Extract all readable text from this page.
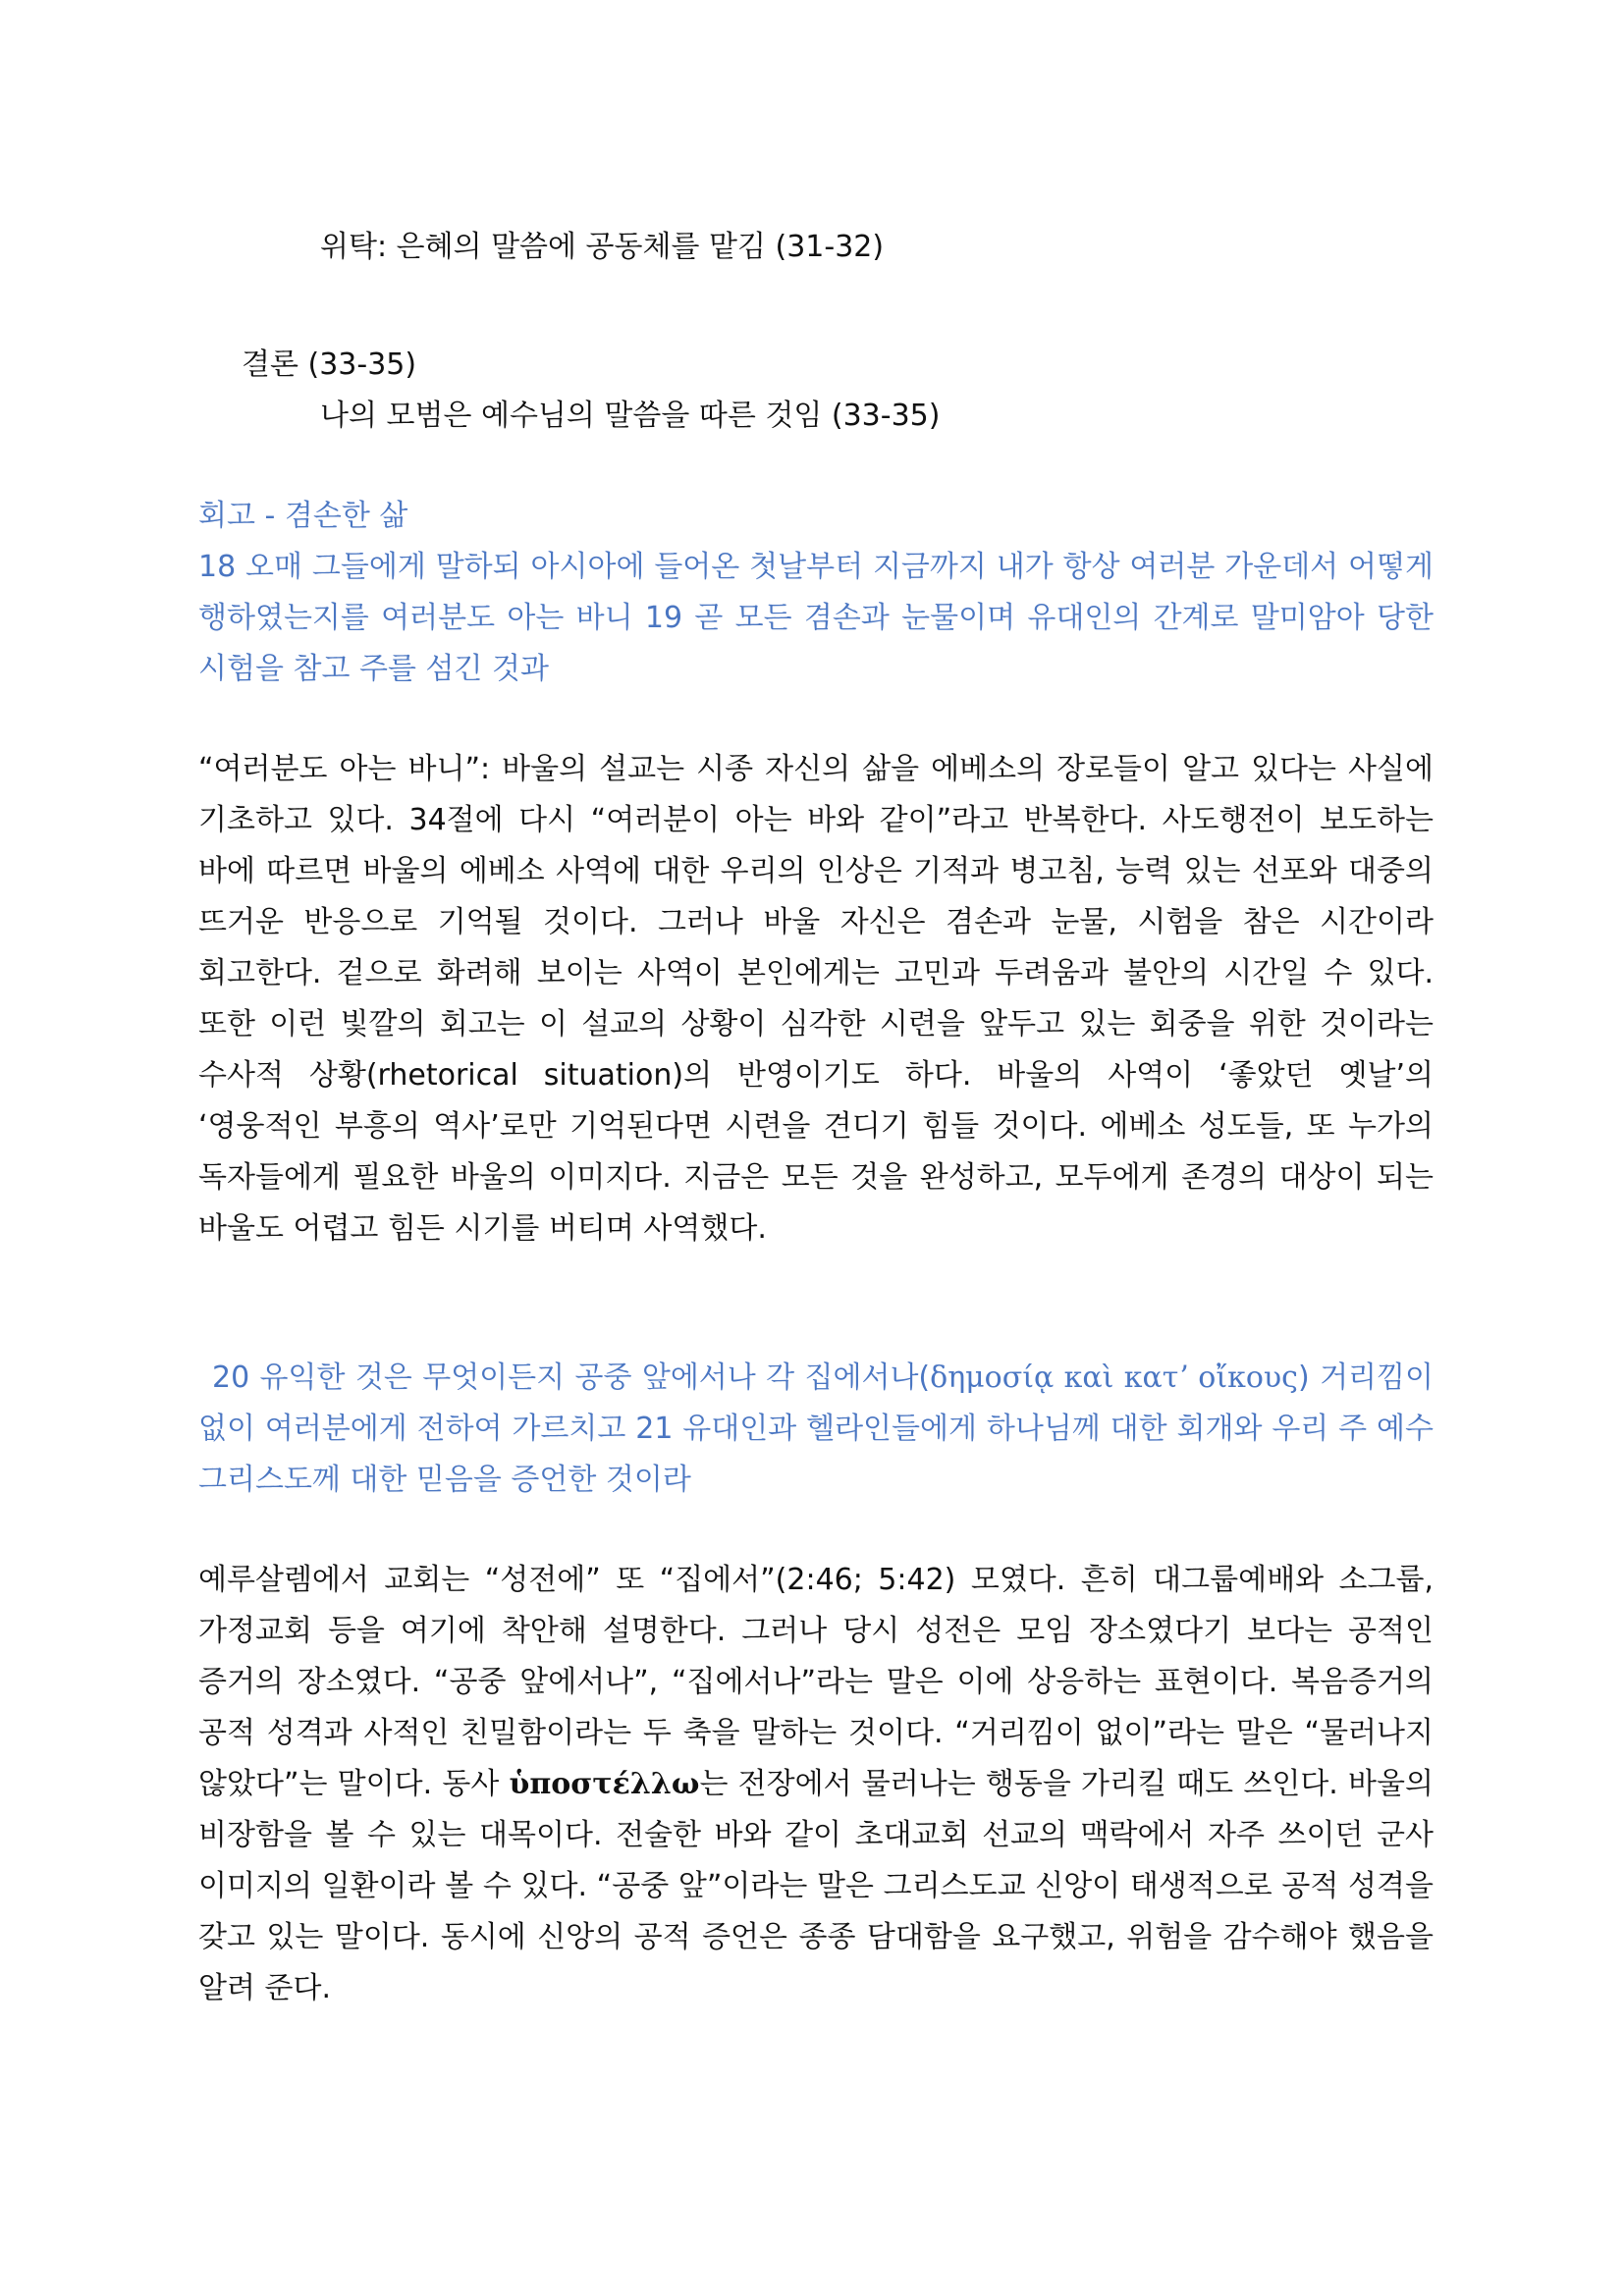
위탁: 은혜의 말씀에 공동체를 맡김 (31-32)

결론 (33-35)

나의 모범은 예수님의 말씀을 따른 것임 (33-35)

회고 - 겸손한 삶

18 오매 그들에게 말하되 아시아에 들어온 첫날부터 지금까지 내가 항상 여러분 가운데서 어떻게 행하였는지를 여러분도 아는 바니 19 곧 모든 겸손과 눈물이며 유대인의 간계로 말미암아 당한 시험을 참고 주를 섬긴 것과

“여러분도 아는 바니”: 바울의 설교는 시종 자신의 삶을 에베소의 장로들이 알고 있다는 사실에 기초하고 있다. 34절에 다시 “여러분이 아는 바와 같이”라고 반복한다. 사도행전이 보도하는 바에 따르면 바울의 에베소 사역에 대한 우리의 인상은 기적과 병고침, 능력 있는 선포와 대중의 뜨거운 반응으로 기억될 것이다. 그러나 바울 자신은 겸손과 눈물, 시험을 참은 시간이라 회고한다. 겉으로 화려해 보이는 사역이 본인에게는 고민과 두려움과 불안의 시간일 수 있다. 또한 이런 빛깔의 회고는 이 설교의 상황이 심각한 시련을 앞두고 있는 회중을 위한 것이라는 수사적 상황(rhetorical situation)의 반영이기도 하다. 바울의 사역이 ‘좋았던 옛날’의 ‘영웅적인 부흥의 역사’로만 기억된다면 시련을 견디기 힘들 것이다. 에베소 성도들, 또 누가의 독자들에게 필요한 바울의 이미지다. 지금은 모든 것을 완성하고, 모두에게 존경의 대상이 되는 바울도 어렵고 힘든 시기를 버티며 사역했다.

20 유익한 것은 무엇이든지 공중 앞에서나 각 집에서나(δημοσίᾳ καὶ κατʼ οἴκους) 거리낌이 없이 여러분에게 전하여 가르치고 21 유대인과 헬라인들에게 하나님께 대한 회개와 우리 주 예수 그리스도께 대한 믿음을 증언한 것이라

예루살렘에서 교회는 “성전에” 또 “집에서”(2:46; 5:42) 모였다. 흔히 대그룹예배와 소그룹, 가정교회 등을 여기에 착안해 설명한다. 그러나 당시 성전은 모임 장소였다기 보다는 공적인 증거의 장소였다. “공중 앞에서나”, “집에서나”라는 말은 이에 상응하는 표현이다. 복음증거의 공적 성격과 사적인 친밀함이라는 두 축을 말하는 것이다. “거리낌이 없이”라는 말은 “물러나지 않았다”는 말이다. 동사 ὑποστέλλω는 전장에서 물러나는 행동을 가리킬 때도 쓰인다. 바울의 비장함을 볼 수 있는 대목이다. 전술한 바와 같이 초대교회 선교의 맥락에서 자주 쓰이던 군사 이미지의 일환이라 볼 수 있다. “공중 앞”이라는 말은 그리스도교 신앙이 태생적으로 공적 성격을 갖고 있는 말이다. 동시에 신앙의 공적 증언은 종종 담대함을 요구했고, 위험을 감수해야 했음을 알려 준다.
